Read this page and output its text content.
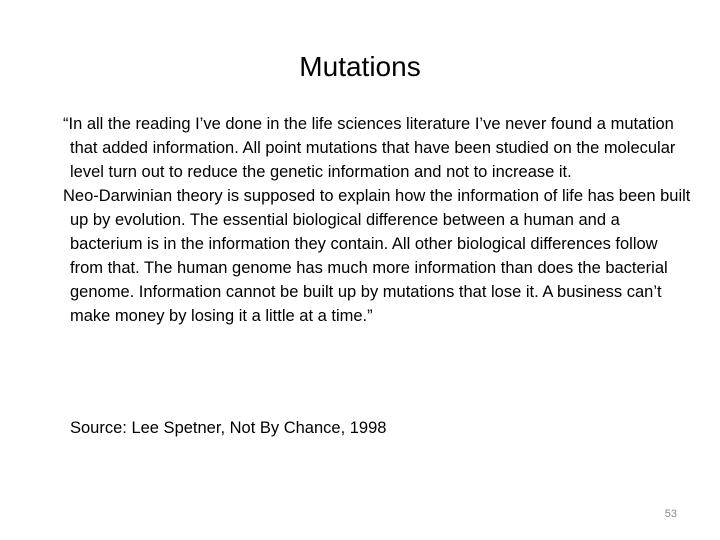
Mutations

“In all the reading I’ve done in the life sciences literature I’ve never found a mutation that added information. All point mutations that have been studied on the molecular level turn out to reduce the genetic information and not to increase it.

Neo-Darwinian theory is supposed to explain how the information of life has been built up by evolution. The essential biological difference between a human and a bacterium is in the information they contain. All other biological differences follow from that. The human genome has much more information than does the bacterial genome. Information cannot be built up by mutations that lose it. A business can’t make money by losing it a little at a time.”

Source: Lee Spetner, Not By Chance, 1998
53
